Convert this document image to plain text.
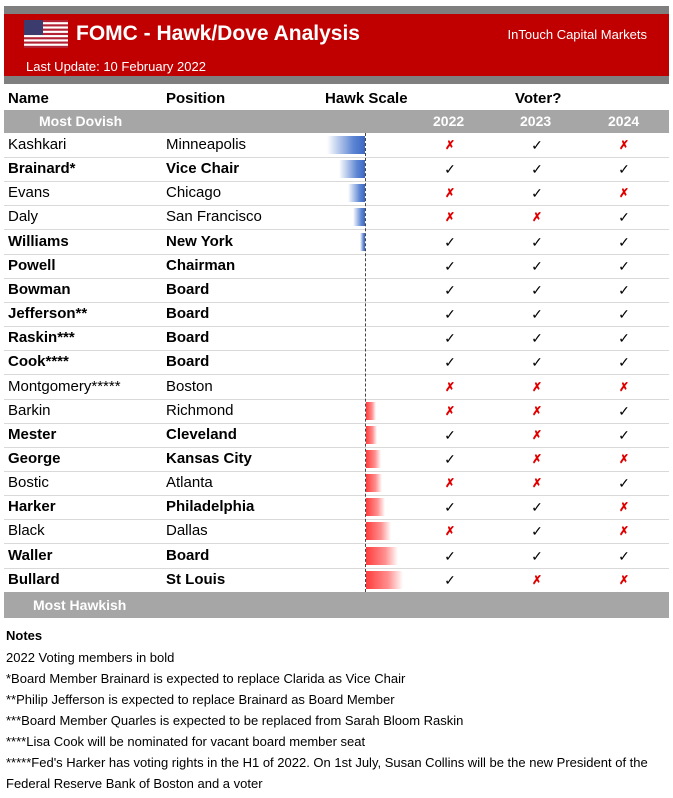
FOMC - Hawk/Dove Analysis	InTouch Capital Markets
Last Update: 10 February 2022
Name	Position	Hawk Scale	Voter?
Most Dovish	2022	2023	2024
Kashkari	Minneapolis	✗	✓	✗
Brainard*	Vice Chair	✓	✓	✓
Evans	Chicago	✗	✓	✗
Daly	San Francisco	✗	✗	✓
Williams	New York	✓	✓	✓
Powell	Chairman	✓	✓	✓
Bowman	Board	✓	✓	✓
Jefferson**	Board	✓	✓	✓
Raskin***	Board	✓	✓	✓
Cook****	Board	✓	✓	✓
Montgomery*****	Boston	✗	✗	✗
Barkin	Richmond	✗	✗	✓
Mester	Cleveland	✓	✗	✓
George	Kansas City	✓	✗	✗
Bostic	Atlanta	✗	✗	✓
Harker	Philadelphia	✓	✓	✗
Black	Dallas	✗	✓	✗
Waller	Board	✓	✓	✓
Bullard	St Louis	✓	✗	✗
Most Hawkish
Notes
2022 Voting members in bold
*Board Member Brainard is expected to replace Clarida as Vice Chair
**Philip Jefferson is expected to replace Brainard as Board Member
***Board Member Quarles is expected to be replaced from Sarah Bloom Raskin
****Lisa Cook will be nominated for vacant board member seat
*****Fed's Harker has voting rights in the H1 of 2022. On 1st July, Susan Collins will be the new President of the Federal Reserve Bank of Boston and a voter
